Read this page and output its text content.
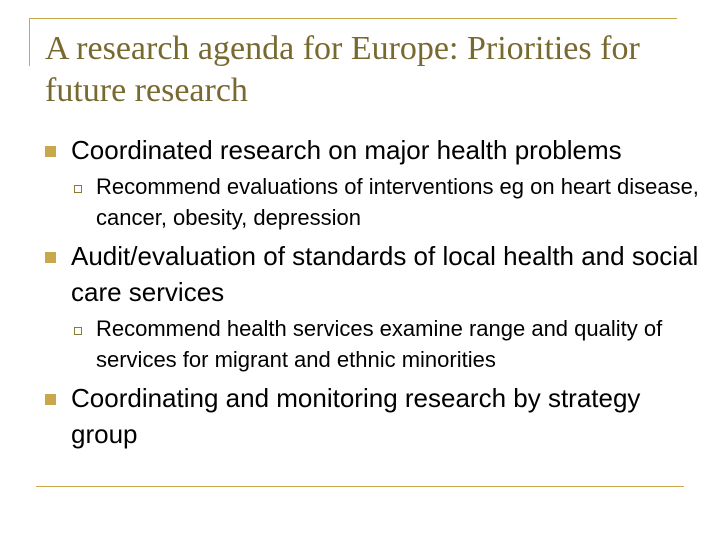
A research agenda for Europe: Priorities for future research
Coordinated research on major health problems
Recommend evaluations of interventions eg on heart disease, cancer, obesity, depression
Audit/evaluation of standards of local health and social care services
Recommend health services examine range and quality of services for migrant and ethnic minorities
Coordinating and monitoring research by strategy group
